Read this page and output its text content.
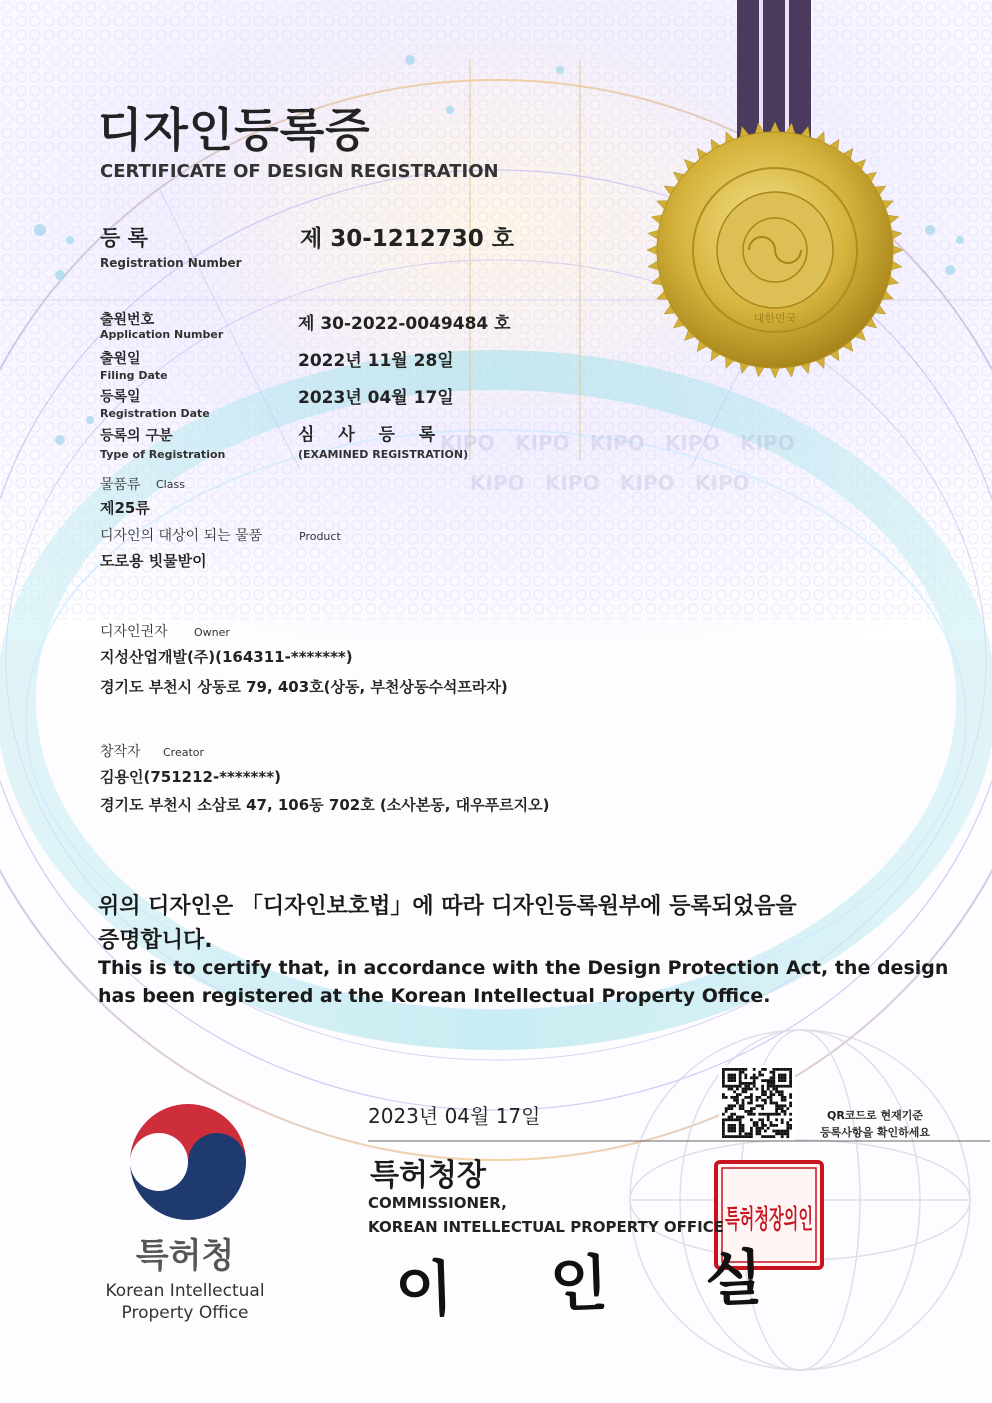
KIPO KIPO KIPO KIPO KIPO
KIPO KIPO KIPO KIPO
대한민국
특허청장의인
디자인등록증
CERTIFICATE OF DESIGN REGISTRATION
등 록
Registration Number
제 30-1212730 호
출원번호
Application Number
제 30-2022-0049484 호
출원일
Filing Date
2022년 11월 28일
등록일
Registration Date
2023년 04월 17일
등록의 구분
Type of Registration
심  사  등  록
(EXAMINED REGISTRATION)
물품류 Class
제25류
디자인의 대상이 되는 물품	Product
도로용 빗물받이
디자인권자 Owner
지성산업개발(주)(164311-*******)
경기도 부천시 상동로 79, 403호(상동, 부천상동수석프라자)
창작자 Creator
김용인(751212-*******)
경기도 부천시 소삼로 47, 106동 702호 (소사본동, 대우푸르지오)
위의 디자인은 「디자인보호법」에 따라 디자인등록원부에 등록되었음을
증명합니다.
This is to certify that, in accordance with the Design Protection Act, the design
has been registered at the Korean Intellectual Property Office.
2023년 04월 17일	QR코드로 현재기준
등록사항을 확인하세요
특허청장
COMMISSIONER,
KOREAN INTELLECTUAL PROPERTY OFFICE
이 인 실
특허청
Korean Intellectual
Property Office
